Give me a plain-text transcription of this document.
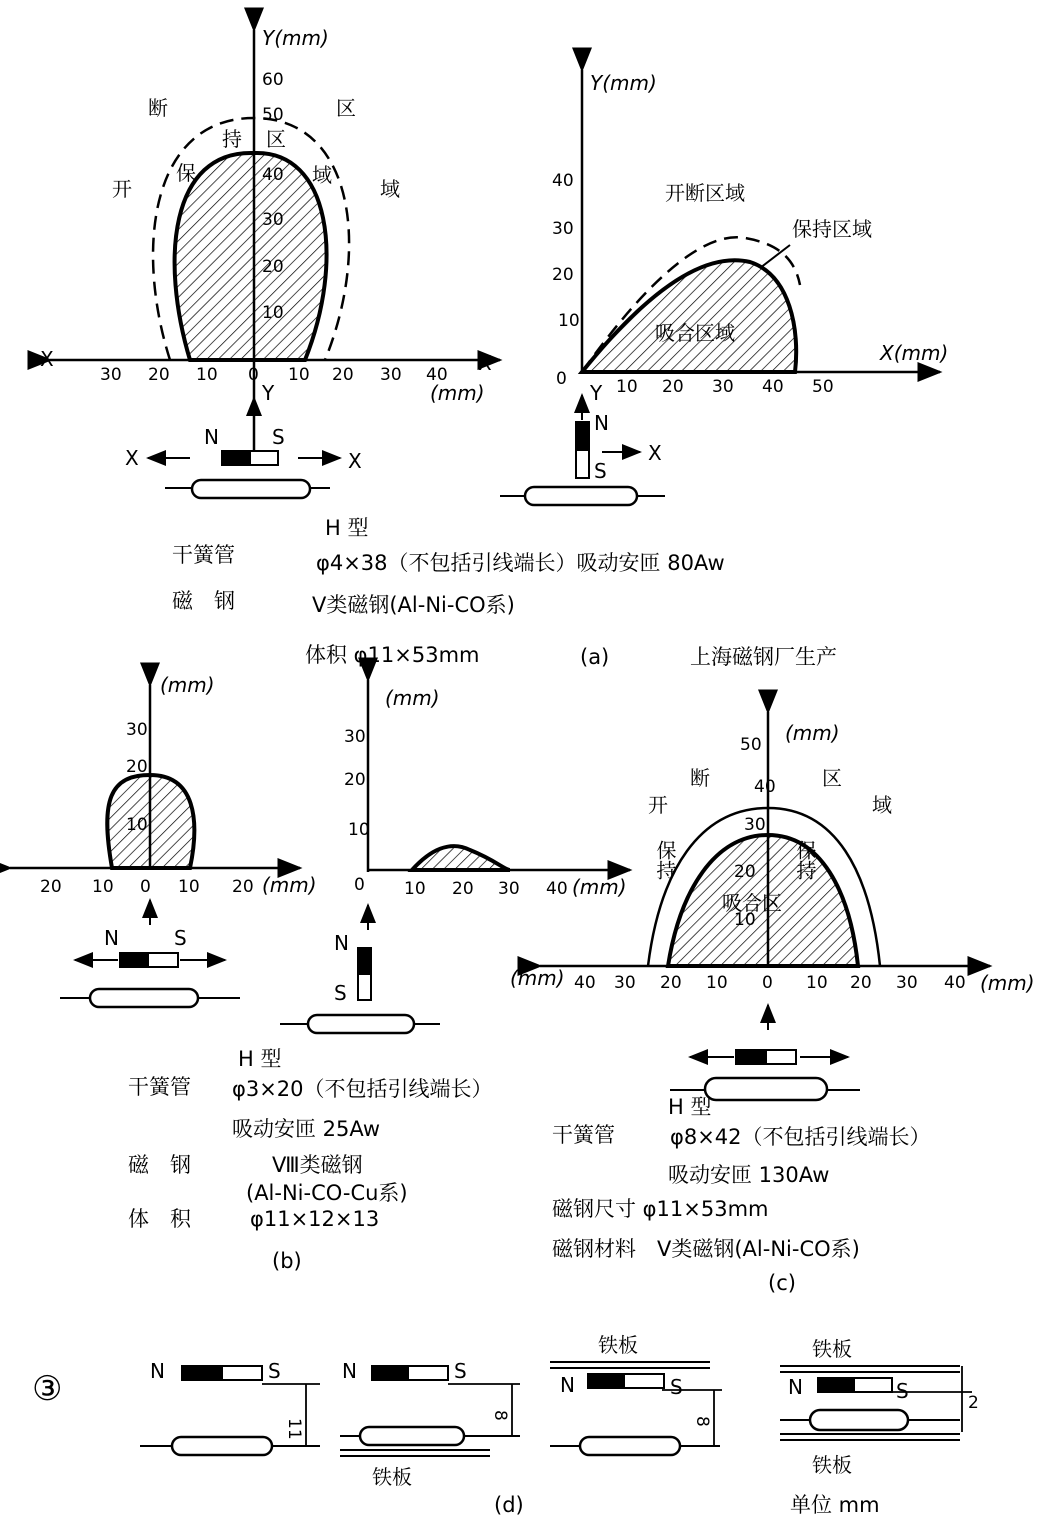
Y(mm)
X	X
(mm)
60
50
40
30
20
10
30 20 10 0 10 20 30 40
断	区
持 区
开
保	域
域
Y
X	X
N	S
Y(mm)
X(mm)
40
30
20
10
0	10 20 30 40 50
开断区域
保持区域
吸合区域
Y
N
S
X
H 型
干簧管	φ4×38（不包括引线端长）吸动安匝 80Aw
磁　钢	Ⅴ类磁钢(Al-Ni-CO系)
体积 φ11×53mm	(a)	上海磁钢厂生产
(mm)
30
20
10
20 10 0 10 20 (mm)
N	S
(mm)
30
20
10
0 10 20 30 40 (mm)
N
S
H 型
干簧管 φ3×20（不包括引线端长）
吸动安匝 25Aw
磁　钢	Ⅷ类磁钢
(Al-Ni-CO-Cu系)
体　积	φ11×12×13
(b)
(mm)
50
40
30
20
10
(mm) 40 30 20 10 0 10 20 30 40 (mm)
断	区
开	域
保持	保持
吸合区
H 型
干簧管	φ8×42（不包括引线端长）
吸动安匝 130Aw
磁钢尺寸 φ11×53mm
磁钢材料　Ⅴ类磁钢(Al-Ni-CO系)
(c)
③	N	S
11
N	S
8
铁板
铁板
N	S
8
铁板
N	S	2
铁板
(d)	单位 mm
